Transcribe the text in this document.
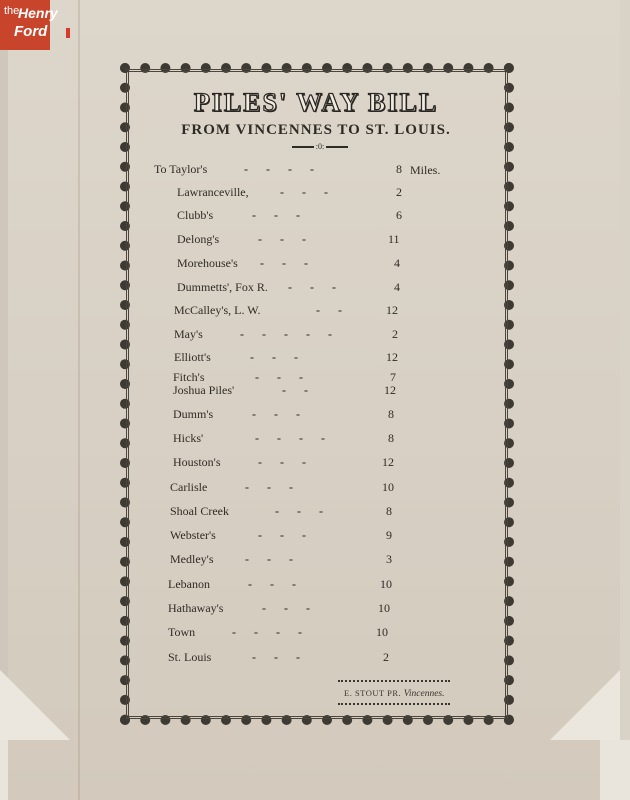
the
Henry
Ford
PILES' WAY BILL
FROM VINCENNES TO ST. LOUIS.
:0:
To Taylor's	-      -      -      -	8
Lawranceville,	-      -      -	2
Clubb's	-      -      -	6
Delong's	-      -      -	11
Morehouse's -      -      -	4
Dummetts', Fox R. -      -      -	4
McCalley's, L. W.	-      -	12
May's	-      -      -      -      -	2
Elliott's	-      -      -	12
Fitch's	-      -      -	7
Joshua Piles'	-      -	12
Dumm's	-      -      -	8
Hicks'	-      -      -      -	8
Houston's	-      -      -	12
Carlisle	-      -      -	10
Shoal Creek	-      -      -	8
Webster's	-      -      -	9
Medley's	-      -      -	3
Lebanon	-      -      -	10
Hathaway's	-      -      -	10
Town	-      -      -      -	10
St. Louis	-      -      -	2
Miles.
E. STOUT PR. Vincennes.
